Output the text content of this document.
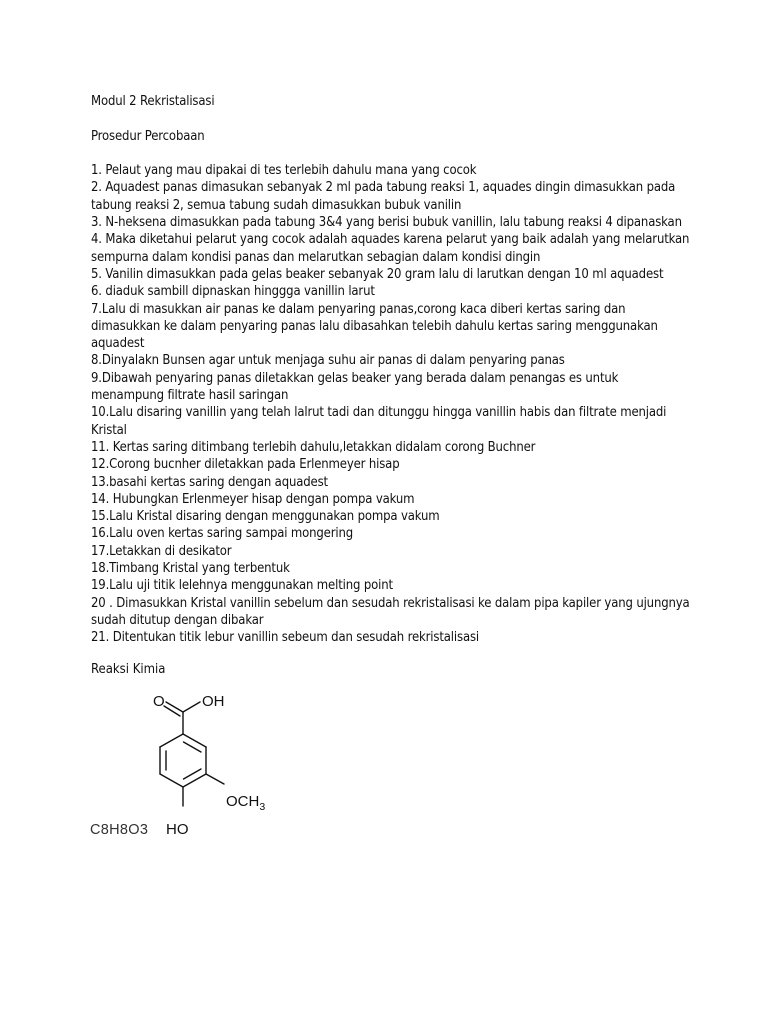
Modul 2 Rekristalisasi

Prosedur Percobaan

1. Pelaut yang mau dipakai di tes terlebih dahulu mana yang cocok
2. Aquadest panas dimasukan sebanyak 2 ml pada tabung reaksi 1, aquades dingin dimasukkan pada tabung reaksi 2, semua tabung sudah dimasukkan bubuk vanilin
3. N-heksena dimasukkan pada tabung 3&4 yang berisi bubuk vanillin, lalu tabung reaksi 4 dipanaskan
4. Maka diketahui pelarut yang cocok adalah aquades karena pelarut yang baik adalah yang melarutkan sempurna dalam kondisi panas dan melarutkan sebagian dalam kondisi dingin
5. Vanilin dimasukkan pada gelas beaker sebanyak 20 gram lalu di larutkan dengan 10 ml aquadest
6. diaduk sambill dipnaskan hinggga vanillin larut
7.Lalu di masukkan air panas ke dalam penyaring panas,corong kaca diberi kertas saring dan dimasukkan ke dalam penyaring panas lalu dibasahkan telebih dahulu kertas saring menggunakan aquadest
8.Dinyalakn Bunsen agar untuk menjaga suhu air panas di dalam penyaring panas
9.Dibawah penyaring panas diletakkan gelas beaker yang berada dalam penangas es untuk menampung filtrate hasil saringan
10.Lalu disaring vanillin yang telah lalrut tadi dan ditunggu hingga vanillin habis dan filtrate menjadi Kristal
11. Kertas saring ditimbang terlebih dahulu,letakkan didalam corong Buchner
12.Corong bucnher diletakkan pada Erlenmeyer hisap
13.basahi kertas saring dengan aquadest
14. Hubungkan Erlenmeyer hisap dengan pompa vakum
15.Lalu Kristal disaring dengan menggunakan pompa vakum
16.Lalu oven kertas saring sampai mongering
17.Letakkan di desikator
18.Timbang Kristal yang terbentuk
19.Lalu uji titik lelehnya menggunakan melting point
20 . Dimasukkan Kristal vanillin sebelum dan sesudah rekristalisasi ke dalam pipa kapiler yang ujungnya sudah ditutup dengan dibakar
21. Ditentukan titik lebur vanillin sebeum dan sesudah rekristalisasi

Reaksi Kimia

O OH
$OCH_3$
HO
C8H8O3
